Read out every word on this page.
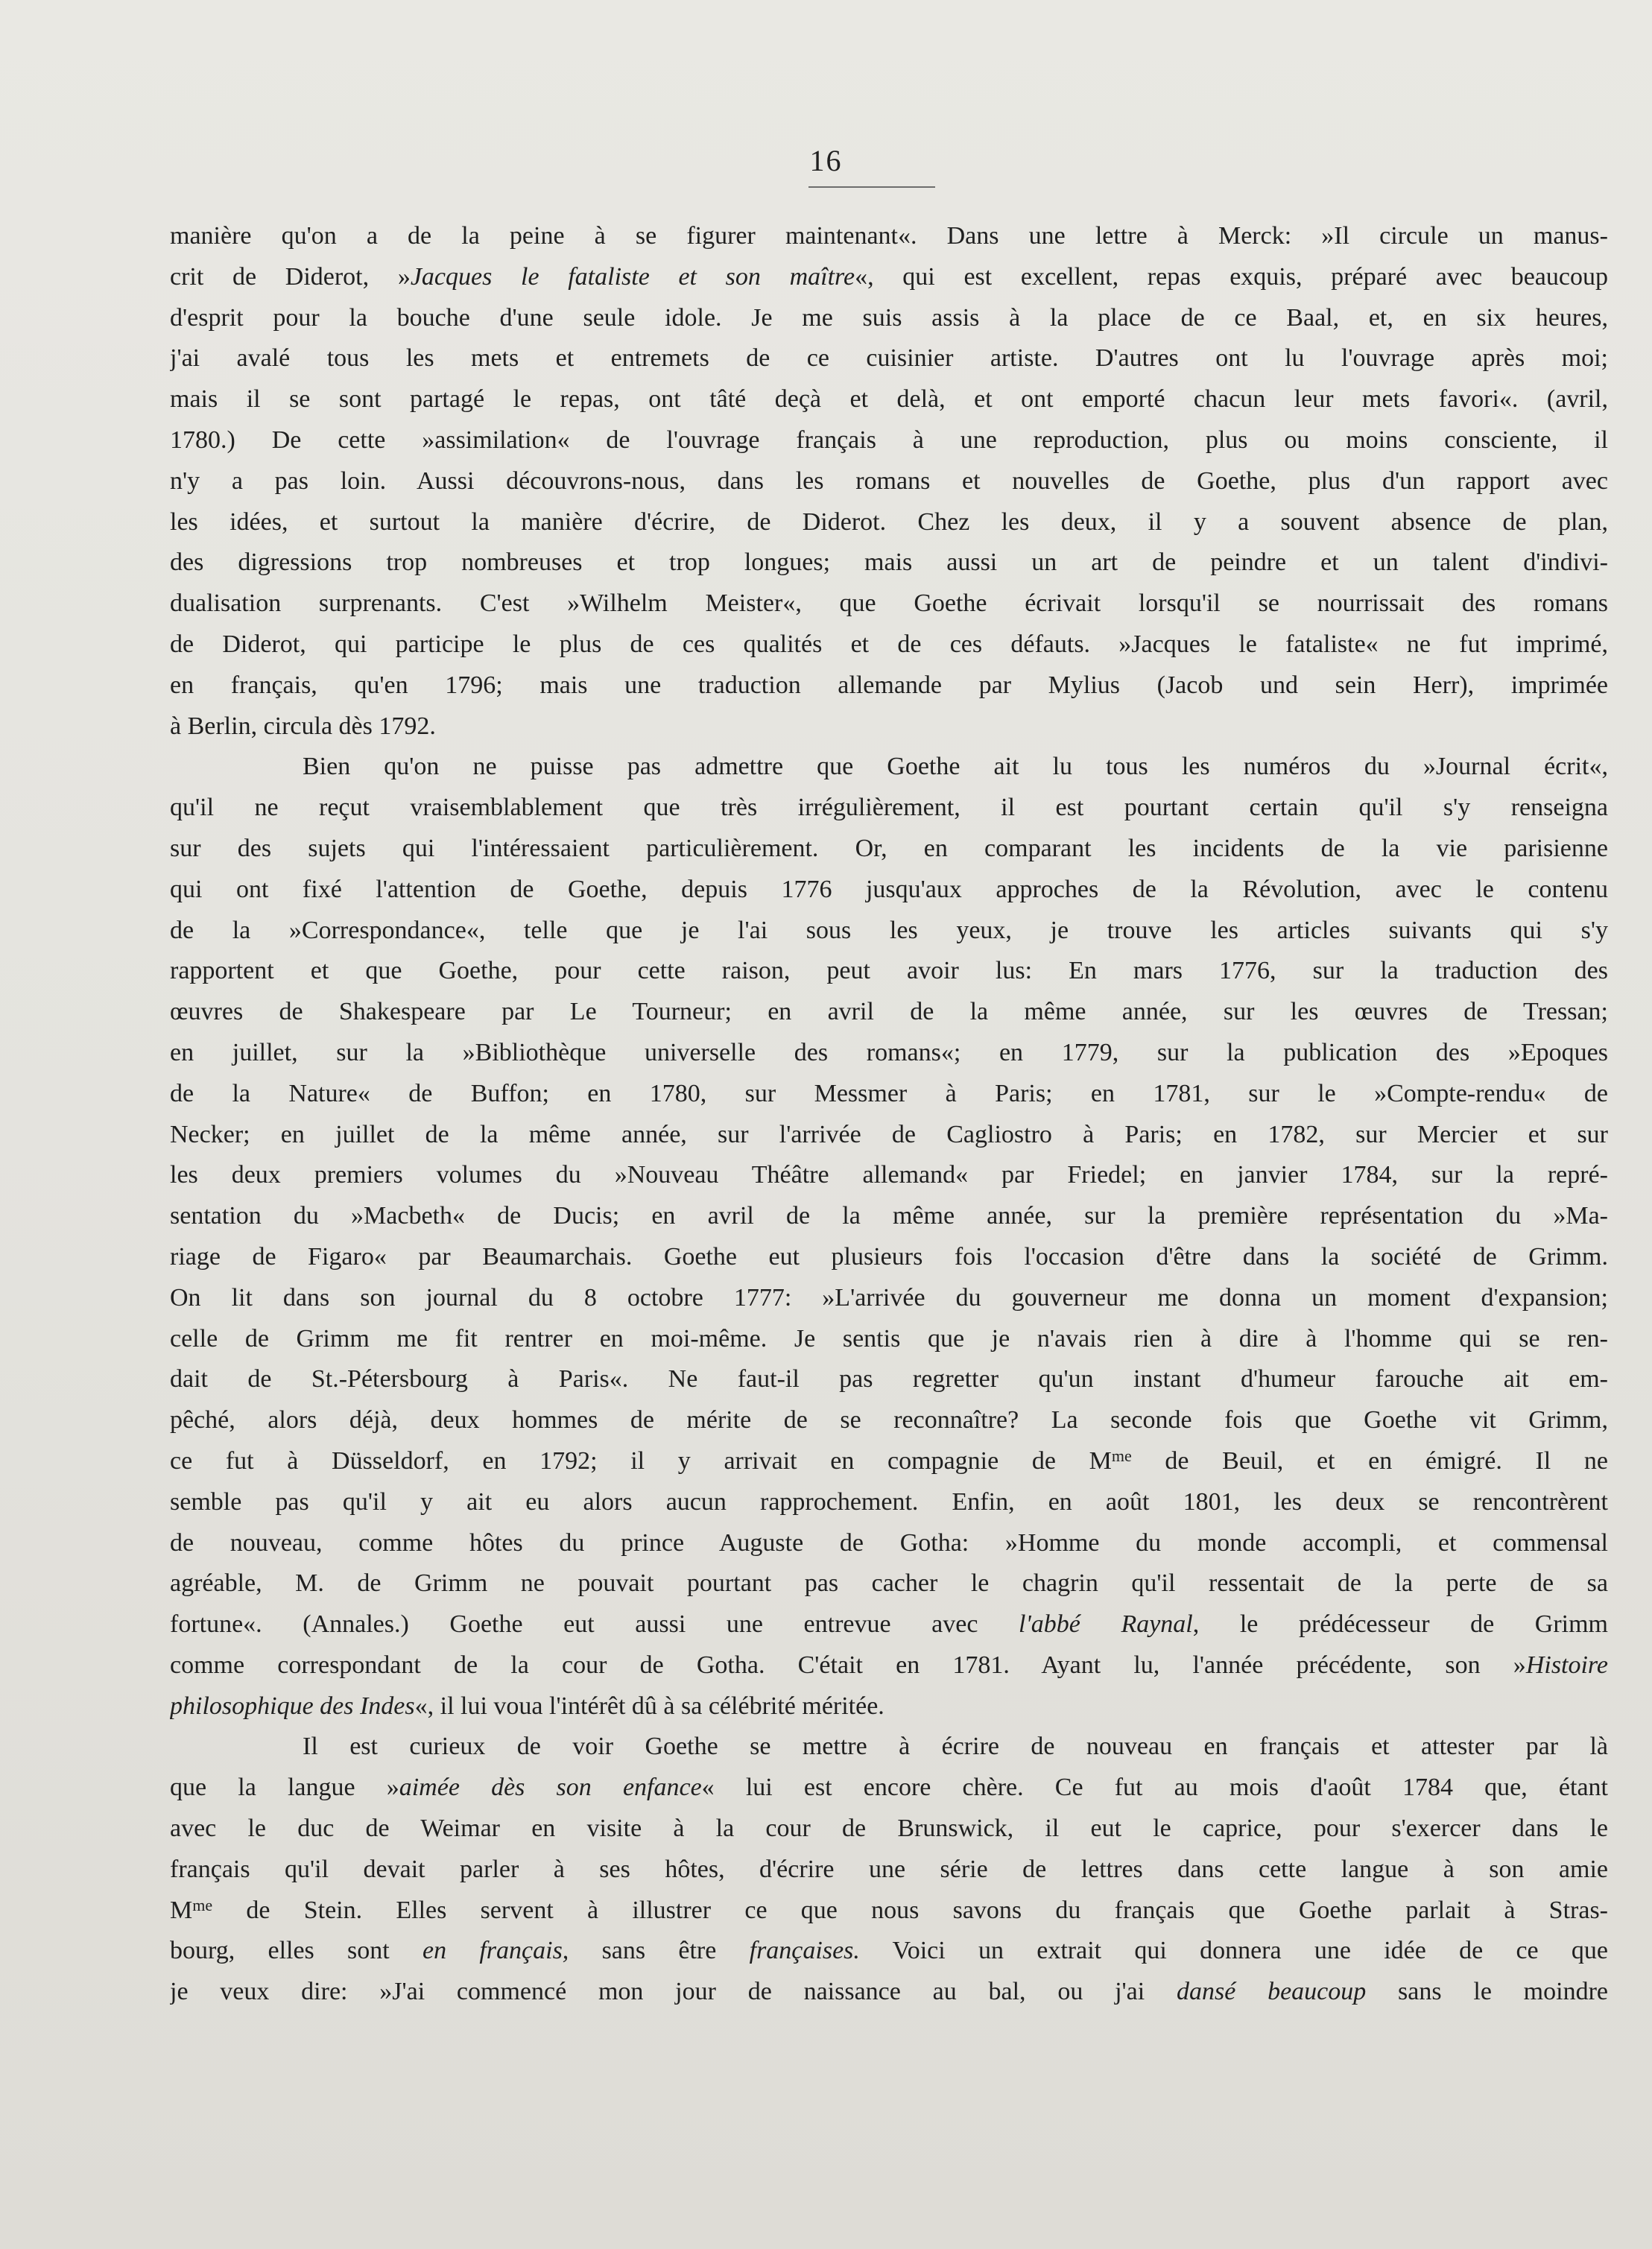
16
manière qu'on a de la peine à se figurer maintenant«. Dans une lettre à Merck: »Il circule un manus-
crit de Diderot, »Jacques le fataliste et son maître«, qui est excellent, repas exquis, préparé avec beaucoup
d'esprit pour la bouche d'une seule idole. Je me suis assis à la place de ce Baal, et, en six heures,
j'ai avalé tous les mets et entremets de ce cuisinier artiste. D'autres ont lu l'ouvrage après moi;
mais il se sont partagé le repas, ont tâté deçà et delà, et ont emporté chacun leur mets favori«. (avril,
1780.) De cette »assimilation« de l'ouvrage français à une reproduction, plus ou moins consciente, il
n'y a pas loin. Aussi découvrons-nous, dans les romans et nouvelles de Goethe, plus d'un rapport avec
les idées, et surtout la manière d'écrire, de Diderot. Chez les deux, il y a souvent absence de plan,
des digressions trop nombreuses et trop longues; mais aussi un art de peindre et un talent d'indivi-
dualisation surprenants. C'est »Wilhelm Meister«, que Goethe écrivait lorsqu'il se nourrissait des romans
de Diderot, qui participe le plus de ces qualités et de ces défauts. »Jacques le fataliste« ne fut imprimé,
en français, qu'en 1796; mais une traduction allemande par Mylius (Jacob und sein Herr), imprimée
à Berlin, circula dès 1792.
Bien qu'on ne puisse pas admettre que Goethe ait lu tous les numéros du »Journal écrit«,
qu'il ne reçut vraisemblablement que très irrégulièrement, il est pourtant certain qu'il s'y renseigna
sur des sujets qui l'intéressaient particulièrement. Or, en comparant les incidents de la vie parisienne
qui ont fixé l'attention de Goethe, depuis 1776 jusqu'aux approches de la Révolution, avec le contenu
de la »Correspondance«, telle que je l'ai sous les yeux, je trouve les articles suivants qui s'y
rapportent et que Goethe, pour cette raison, peut avoir lus: En mars 1776, sur la traduction des
œuvres de Shakespeare par Le Tourneur; en avril de la même année, sur les œuvres de Tressan;
en juillet, sur la »Bibliothèque universelle des romans«; en 1779, sur la publication des »Epoques
de la Nature« de Buffon; en 1780, sur Messmer à Paris; en 1781, sur le »Compte-rendu« de
Necker; en juillet de la même année, sur l'arrivée de Cagliostro à Paris; en 1782, sur Mercier et sur
les deux premiers volumes du »Nouveau Théâtre allemand« par Friedel; en janvier 1784, sur la repré-
sentation du »Macbeth« de Ducis; en avril de la même année, sur la première représentation du »Ma-
riage de Figaro« par Beaumarchais. Goethe eut plusieurs fois l'occasion d'être dans la société de Grimm.
On lit dans son journal du 8 octobre 1777: »L'arrivée du gouverneur me donna un moment d'expansion;
celle de Grimm me fit rentrer en moi-même. Je sentis que je n'avais rien à dire à l'homme qui se ren-
dait de St.-Pétersbourg à Paris«. Ne faut-il pas regretter qu'un instant d'humeur farouche ait em-
pêché, alors déjà, deux hommes de mérite de se reconnaître? La seconde fois que Goethe vit Grimm,
ce fut à Düsseldorf, en 1792; il y arrivait en compagnie de $M^{me}$ de Beuil, et en émigré. Il ne
semble pas qu'il y ait eu alors aucun rapprochement. Enfin, en août 1801, les deux se rencontrèrent
de nouveau, comme hôtes du prince Auguste de Gotha: »Homme du monde accompli, et commensal
agréable, M. de Grimm ne pouvait pourtant pas cacher le chagrin qu'il ressentait de la perte de sa
fortune«. (Annales.) Goethe eut aussi une entrevue avec l'abbé Raynal, le prédécesseur de Grimm
comme correspondant de la cour de Gotha. C'était en 1781. Ayant lu, l'année précédente, son »Histoire
philosophique des Indes«, il lui voua l'intérêt dû à sa célébrité méritée.
Il est curieux de voir Goethe se mettre à écrire de nouveau en français et attester par là
que la langue »aimée dès son enfance« lui est encore chère. Ce fut au mois d'août 1784 que, étant
avec le duc de Weimar en visite à la cour de Brunswick, il eut le caprice, pour s'exercer dans le
français qu'il devait parler à ses hôtes, d'écrire une série de lettres dans cette langue à son amie
$M^{me}$ de Stein. Elles servent à illustrer ce que nous savons du français que Goethe parlait à Stras-
bourg, elles sont en français, sans être françaises. Voici un extrait qui donnera une idée de ce que
je veux dire: »J'ai commencé mon jour de naissance au bal, ou j'ai dansé beaucoup sans le moindre
